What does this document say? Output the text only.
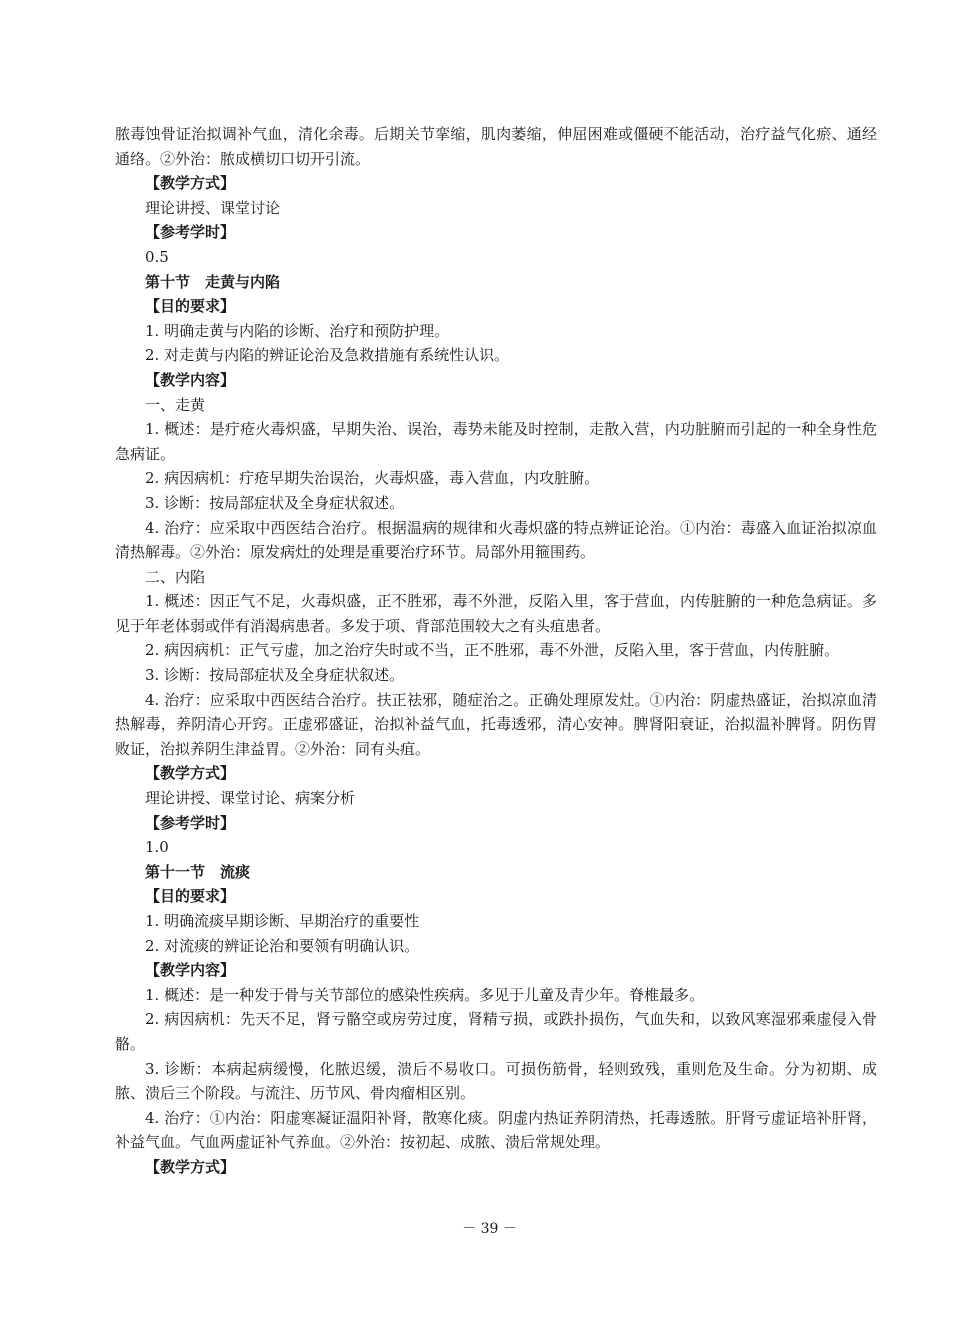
脓毒蚀骨证治拟调补气血，清化余毒。后期关节挛缩，肌肉萎缩，伸屈困难或僵硬不能活动，治疗益气化瘀、通经通络。②外治：脓成横切口切开引流。

【教学方式】

理论讲授、课堂讨论

【参考学时】

0.5

第十节　走黄与内陷

【目的要求】

1. 明确走黄与内陷的诊断、治疗和预防护理。

2. 对走黄与内陷的辨证论治及急救措施有系统性认识。

【教学内容】

一、走黄

1. 概述：是疔疮火毒炽盛，早期失治、误治，毒势未能及时控制，走散入营，内功脏腑而引起的一种全身性危急病证。

2. 病因病机：疔疮早期失治误治，火毒炽盛，毒入营血，内攻脏腑。

3. 诊断：按局部症状及全身症状叙述。

4. 治疗：应采取中西医结合治疗。根据温病的规律和火毒炽盛的特点辨证论治。①内治：毒盛入血证治拟凉血清热解毒。②外治：原发病灶的处理是重要治疗环节。局部外用箍围药。

二、内陷

1. 概述：因正气不足，火毒炽盛，正不胜邪，毒不外泄，反陷入里，客于营血，内传脏腑的一种危急病证。多见于年老体弱或伴有消渴病患者。多发于项、背部范围较大之有头疽患者。

2. 病因病机：正气亏虚，加之治疗失时或不当，正不胜邪，毒不外泄，反陷入里，客于营血，内传脏腑。

3. 诊断：按局部症状及全身症状叙述。

4. 治疗：应采取中西医结合治疗。扶正祛邪，随症治之。正确处理原发灶。①内治：阴虚热盛证，治拟凉血清热解毒，养阴清心开窍。正虚邪盛证，治拟补益气血，托毒透邪，清心安神。脾肾阳衰证，治拟温补脾肾。阴伤胃败证，治拟养阴生津益胃。②外治：同有头疽。

【教学方式】

理论讲授、课堂讨论、病案分析

【参考学时】

1.0

第十一节　流痰

【目的要求】

1. 明确流痰早期诊断、早期治疗的重要性

2. 对流痰的辨证论治和要领有明确认识。

【教学内容】

1. 概述：是一种发于骨与关节部位的感染性疾病。多见于儿童及青少年。脊椎最多。

2. 病因病机：先天不足，肾亏骼空或房劳过度，肾精亏损，或跌扑损伤，气血失和，以致风寒湿邪乘虚侵入骨骼。

3. 诊断：本病起病缓慢，化脓迟缓，溃后不易收口。可损伤筋骨，轻则致残，重则危及生命。分为初期、成脓、溃后三个阶段。与流注、历节风、骨肉瘤相区别。

4. 治疗：①内治：阳虚寒凝证温阳补肾，散寒化痰。阴虚内热证养阴清热，托毒透脓。肝肾亏虚证培补肝肾，补益气血。气血两虚证补气养血。②外治：按初起、成脓、溃后常规处理。

【教学方式】

－ 39 －
